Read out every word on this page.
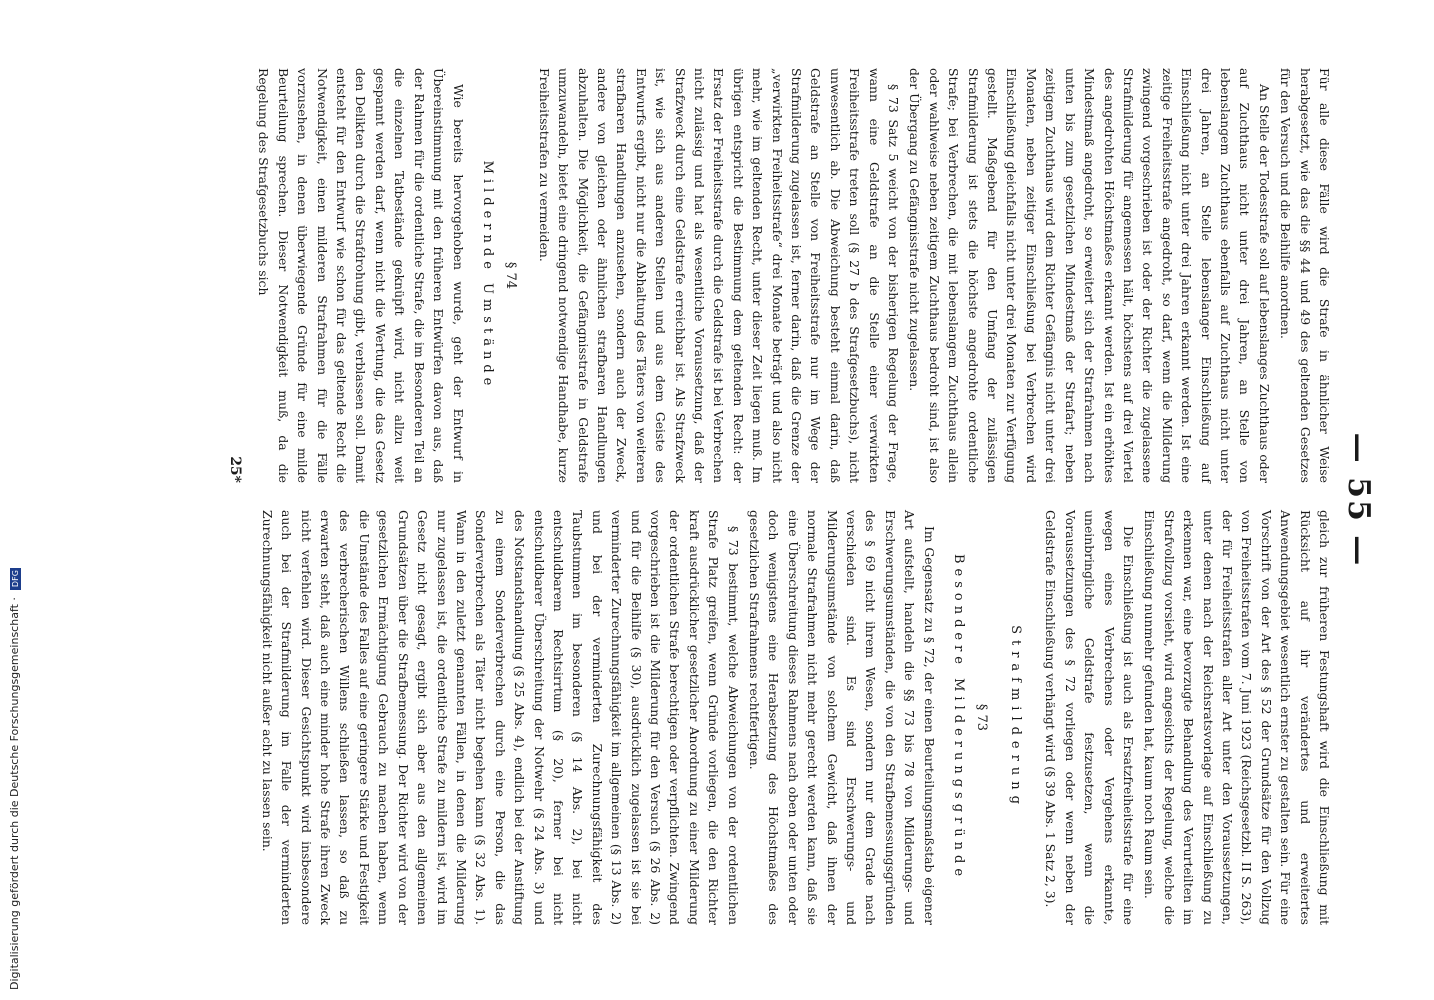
— 55 —

Für alle diese Fälle wird die Strafe in ähnlicher Weise herabgesetzt, wie das die §§ 44 und 49 des geltenden Gesetzes für den Versuch und die Beihilfe anordnen.

An Stelle der Todesstrafe soll auf lebenslanges Zuchthaus oder auf Zuchthaus nicht unter drei Jahren, an Stelle von lebenslangem Zuchthaus ebenfalls auf Zuchthaus nicht unter drei Jahren, an Stelle lebenslanger Einschließung auf Einschließung nicht unter drei Jahren erkannt werden. Ist eine zeitige Freiheitsstrafe angedroht, so darf, wenn die Milderung zwingend vorgeschrieben ist oder der Richter die zugelassene Strafmilderung für angemessen hält, höchstens auf drei Viertel des angedrohten Höchstmaßes erkannt werden. Ist ein erhöhtes Mindestmaß angedroht, so erweitert sich der Strafrahmen nach unten bis zum gesetzlichen Mindestmaß der Strafart; neben zeitigem Zuchthaus wird dem Richter Gefängnis nicht unter drei Monaten, neben zeitiger Einschließung bei Verbrechen wird Einschließung gleichfalls nicht unter drei Monaten zur Verfügung gestellt. Maßgebend für den Umfang der zulässigen Strafmilderung ist stets die höchste angedrohte ordentliche Strafe; bei Verbrechen, die mit lebenslangem Zuchthaus allein oder wahlweise neben zeitigem Zuchthaus bedroht sind, ist also der Übergang zu Gefängnisstrafe nicht zugelassen.

§ 73 Satz 5 weicht von der bisherigen Regelung der Frage, wann eine Geldstrafe an die Stelle einer verwirkten Freiheitsstrafe treten soll (§ 27 b des Strafgesetzbuchs), nicht unwesentlich ab. Die Abweichung besteht einmal darin, daß Geldstrafe an Stelle von Freiheitsstrafe nur im Wege der Strafmilderung zugelassen ist, ferner darin, daß die Grenze der „verwirkten Freiheitsstrafe“ drei Monate beträgt und also nicht mehr, wie im geltenden Recht, unter dieser Zeit liegen muß. Im übrigen entspricht die Bestimmung dem geltenden Recht: der Ersatz der Freiheitsstrafe durch die Geldstrafe ist bei Verbrechen nicht zulässig und hat als wesentliche Voraussetzung, daß der Strafzweck durch eine Geldstrafe erreichbar ist. Als Strafzweck ist, wie sich aus anderen Stellen und aus dem Geiste des Entwurfs ergibt, nicht nur die Abhaltung des Täters von weiteren strafbaren Handlungen anzusehen, sondern auch der Zweck, andere von gleichen oder ähnlichen strafbaren Handlungen abzuhalten. Die Möglichkeit, die Gefängnisstrafe in Geldstrafe umzuwandeln, bietet eine dringend notwendige Handhabe, kurze Freiheitsstrafen zu vermeiden.

§ 74
Mildernde Umstände

Wie bereits hervorgehoben wurde, geht der Entwurf in Übereinstimmung mit den früheren Entwürfen davon aus, daß der Rahmen für die ordentliche Strafe, die im Besonderen Teil an die einzelnen Tatbestände geknüpft wird, nicht allzu weit gespannt werden darf, wenn nicht die Wertung, die das Gesetz den Delikten durch die Strafdrohung gibt, verblassen soll. Damit entsteht für den Entwurf wie schon für das geltende Recht die Notwendigkeit, einen milderen Strafrahmen für die Fälle vorzusehen, in denen überwiegende Gründe für eine milde Beurteilung sprechen. Dieser Notwendigkeit muß, da die Regelung des Strafgesetzbuchs sich

25*

gleich zur früheren Festungshaft wird die Einschließung mit Rücksicht auf ihr verändertes und erweitertes Anwendungsgebiet wesentlich ernster zu gestalten sein. Für eine Vorschrift von der Art des § 52 der Grundsätze für den Vollzug von Freiheitsstrafen vom 7. Juni 1923 (Reichsgesetzbl. II S. 263), der für Freiheitsstrafen aller Art unter den Voraussetzungen, unter denen nach der Reichsratsvorlage auf Einschließung zu erkennen war, eine bevorzugte Behandlung des Verurteilten im Strafvollzug vorsieht, wird angesichts der Regelung, welche die Einschließung nunmehr gefunden hat, kaum noch Raum sein.

Die Einschließung ist auch als Ersatzfreiheitsstrafe für eine wegen eines Verbrechens oder Vergehens erkannte, uneinbringliche Geldstrafe festzusetzen, wenn die Voraussetzungen des § 72 vorliegen oder wenn neben der Geldstrafe Einschließung verhängt wird (§ 39 Abs. 1 Satz 2, 3).

Strafmilderung
§ 73
Besondere Milderungsgründe

Im Gegensatz zu § 72, der einen Beurteilungsmaßstab eigener Art aufstellt, handeln die §§ 73 bis 78 von Milderungs- und Erschwerungsumständen, die von den Strafbemessungsgründen des § 69 nicht ihrem Wesen, sondern nur dem Grade nach verschieden sind. Es sind Erschwerungs- und Milderungsumstände von solchem Gewicht, daß ihnen der normale Strafrahmen nicht mehr gerecht werden kann, daß sie eine Überschreitung dieses Rahmens nach oben oder unten oder doch wenigstens eine Herabsetzung des Höchstmaßes des gesetzlichen Strafrahmens rechtfertigen.

§ 73 bestimmt, welche Abweichungen von der ordentlichen Strafe Platz greifen, wenn Gründe vorliegen, die den Richter kraft ausdrücklicher gesetzlicher Anordnung zu einer Milderung der ordentlichen Strafe berechtigen oder verpflichten. Zwingend vorgeschrieben ist die Milderung für den Versuch (§ 26 Abs. 2) und für die Beihilfe (§ 30), ausdrücklich zugelassen ist sie bei verminderter Zurechnungsfähigkeit im allgemeinen (§ 13 Abs. 2) und bei der verminderten Zurechnungsfähigkeit des Taubstummen im besonderen (§ 14 Abs. 2), bei nicht entschuldbarem Rechtsirrtum (§ 20), ferner bei nicht entschuldbarer Überschreitung der Notwehr (§ 24 Abs. 3) und des Notstandshandlung (§ 25 Abs. 4), endlich bei der Anstiftung zu einem Sonderverbrechen durch eine Person, die das Sonderverbrechen als Täter nicht begehen kann (§ 32 Abs. 1). Wann in den zuletzt genannten Fällen, in denen die Milderung nur zugelassen ist, die ordentliche Strafe zu mildern ist, wird im Gesetz nicht gesagt, ergibt sich aber aus den allgemeinen Grundsätzen über die Strafbemessung. Der Richter wird von der gesetzlichen Ermächtigung Gebrauch zu machen haben, wenn die Umstände des Falles auf eine geringere Stärke und Festigkeit des verbrecherischen Willens schließen lassen, so daß zu erwarten steht, daß auch eine minder hohe Strafe ihren Zweck nicht verfehlen wird. Dieser Gesichtspunkt wird insbesondere auch bei der Strafmilderung im Falle der verminderten Zurechnungsfähigkeit nicht außer acht zu lassen sein.

Digitalisierung gefördert durch die Deutsche Forschungsgemeinschaft · DFG
